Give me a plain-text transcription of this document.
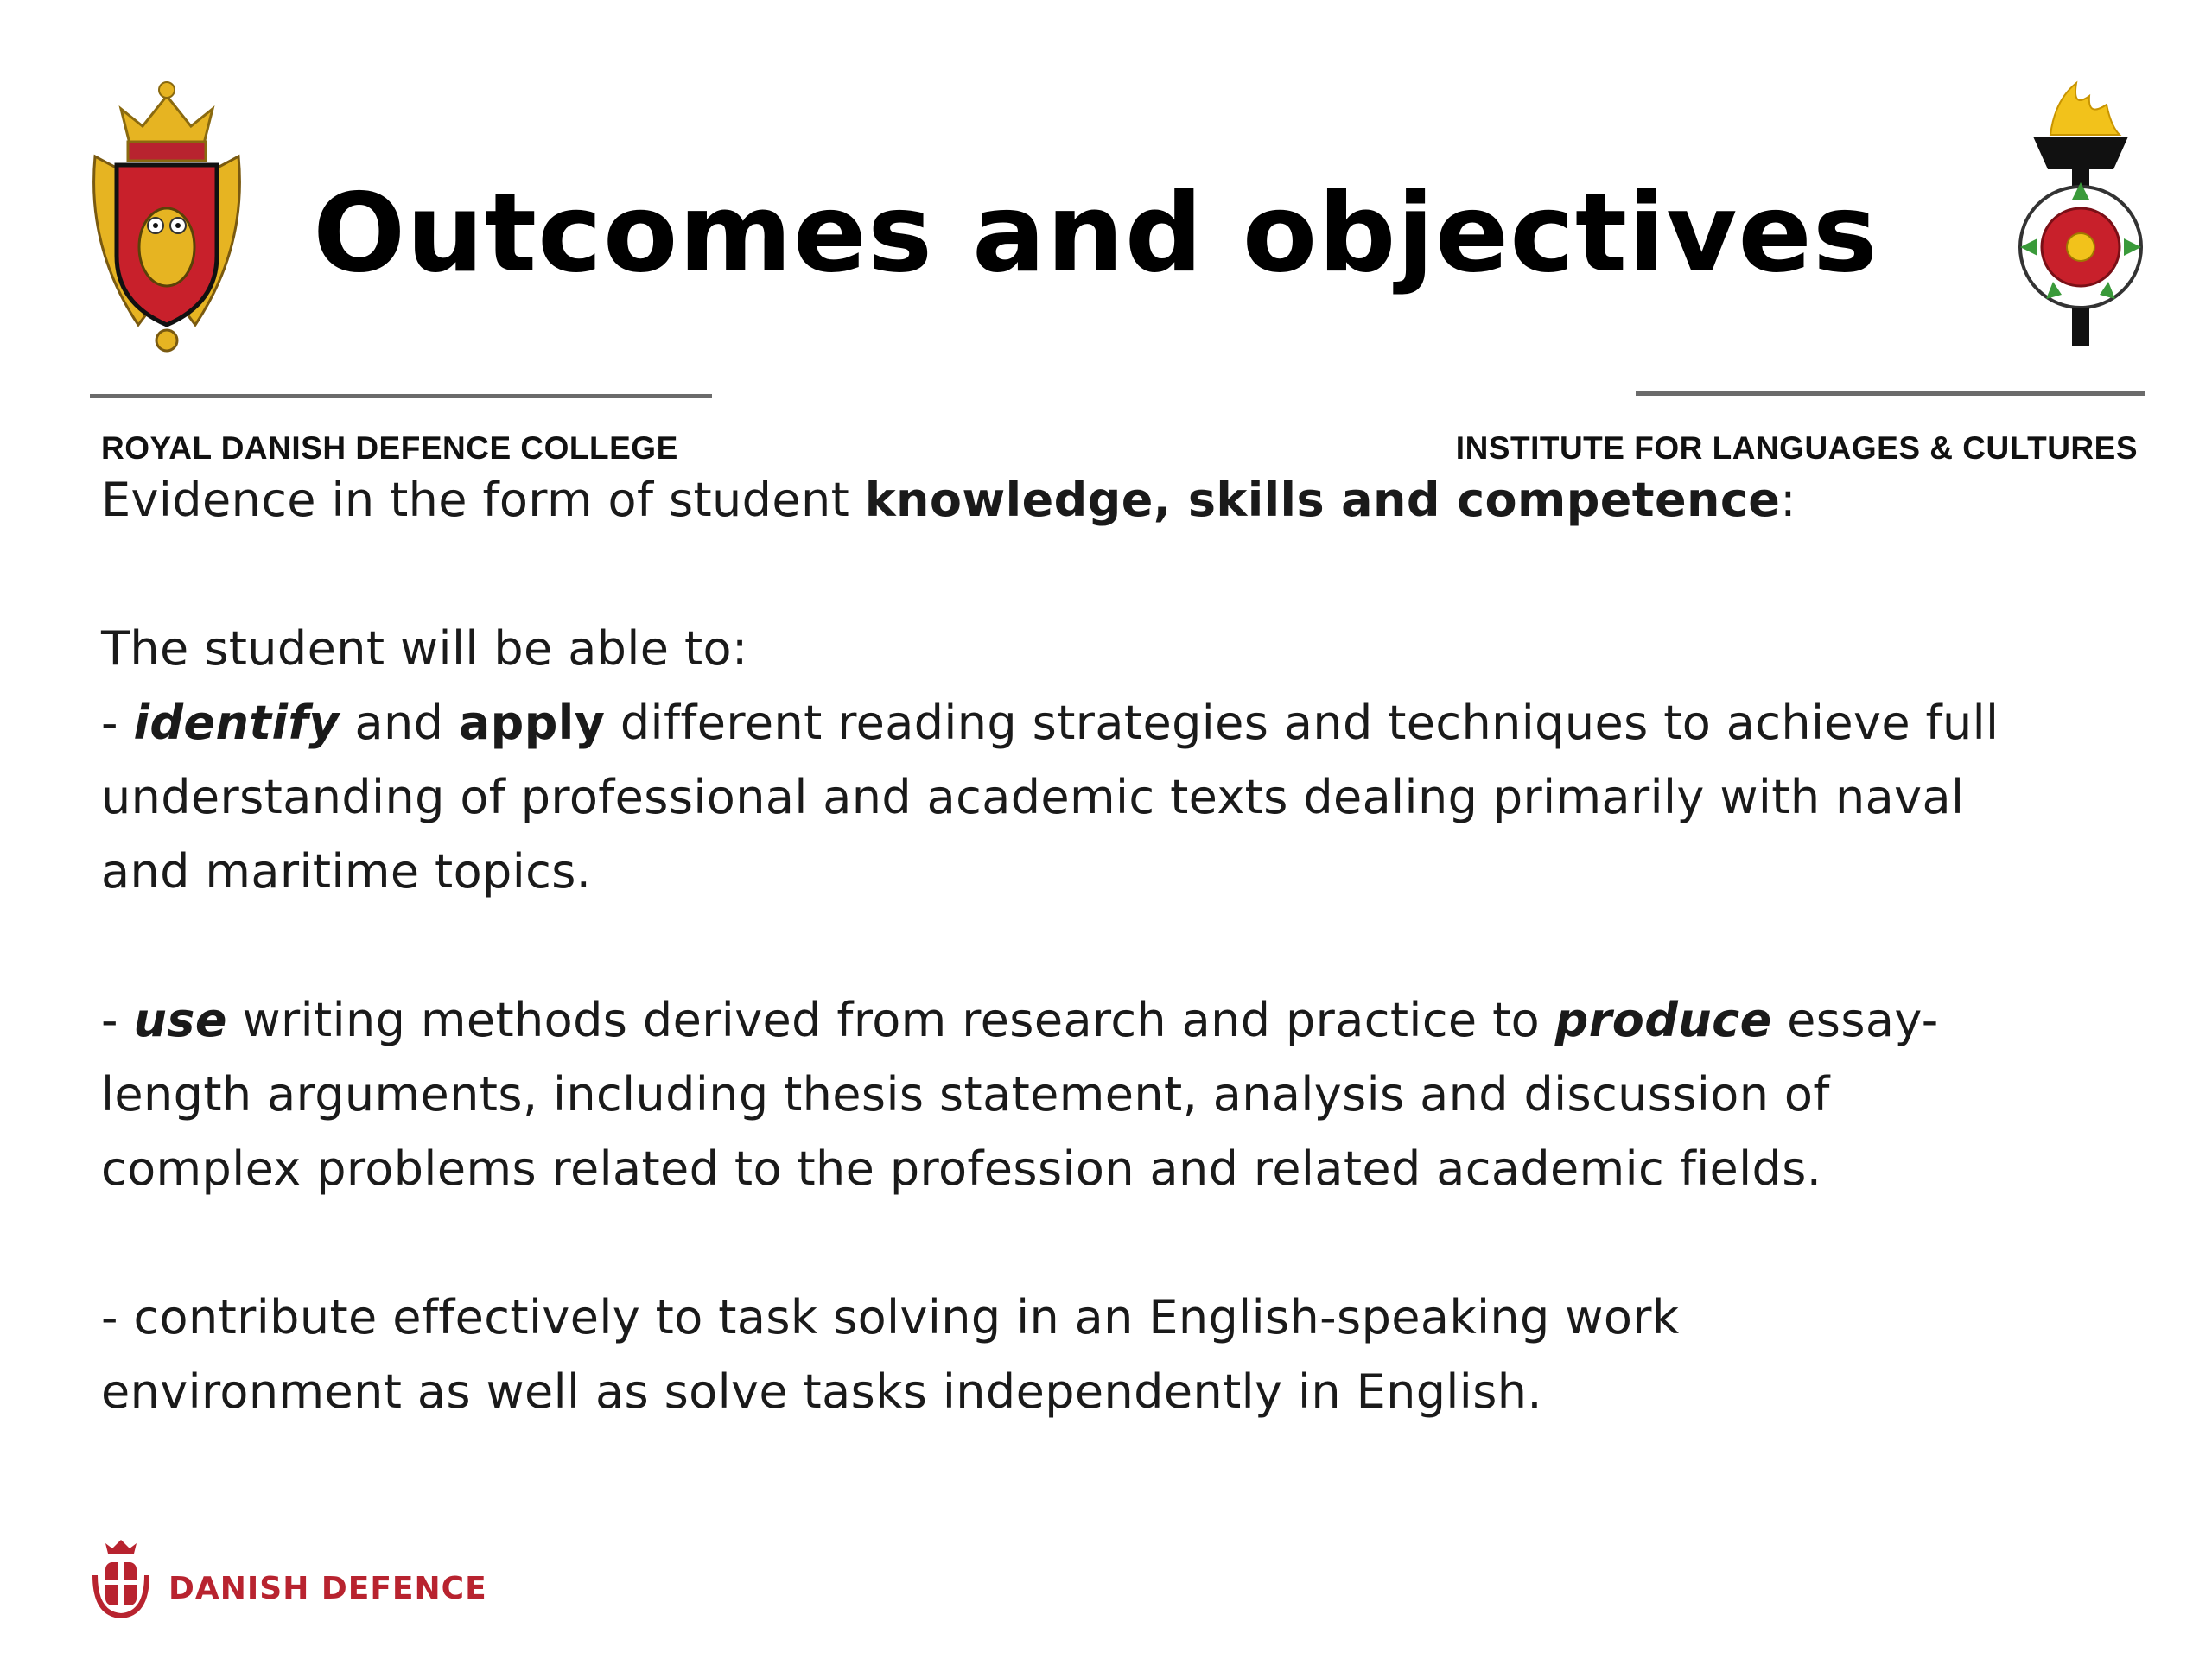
Outcomes and objectives
ROYAL DANISH DEFENCE COLLEGE	INSTITUTE FOR LANGUAGES & CULTURES

Evidence in the form of student knowledge, skills and competence:

The student will be able to:

- identify and apply different reading strategies and techniques to achieve full

understanding of professional and academic texts dealing primarily with naval

and maritime topics.

- use writing methods derived from research and practice to produce essay-

length arguments, including thesis statement, analysis and discussion of

complex problems related to the profession and related academic fields.

- contribute effectively to task solving in an English-speaking work

environment as well as solve tasks independently in English.

DANISH DEFENCE
